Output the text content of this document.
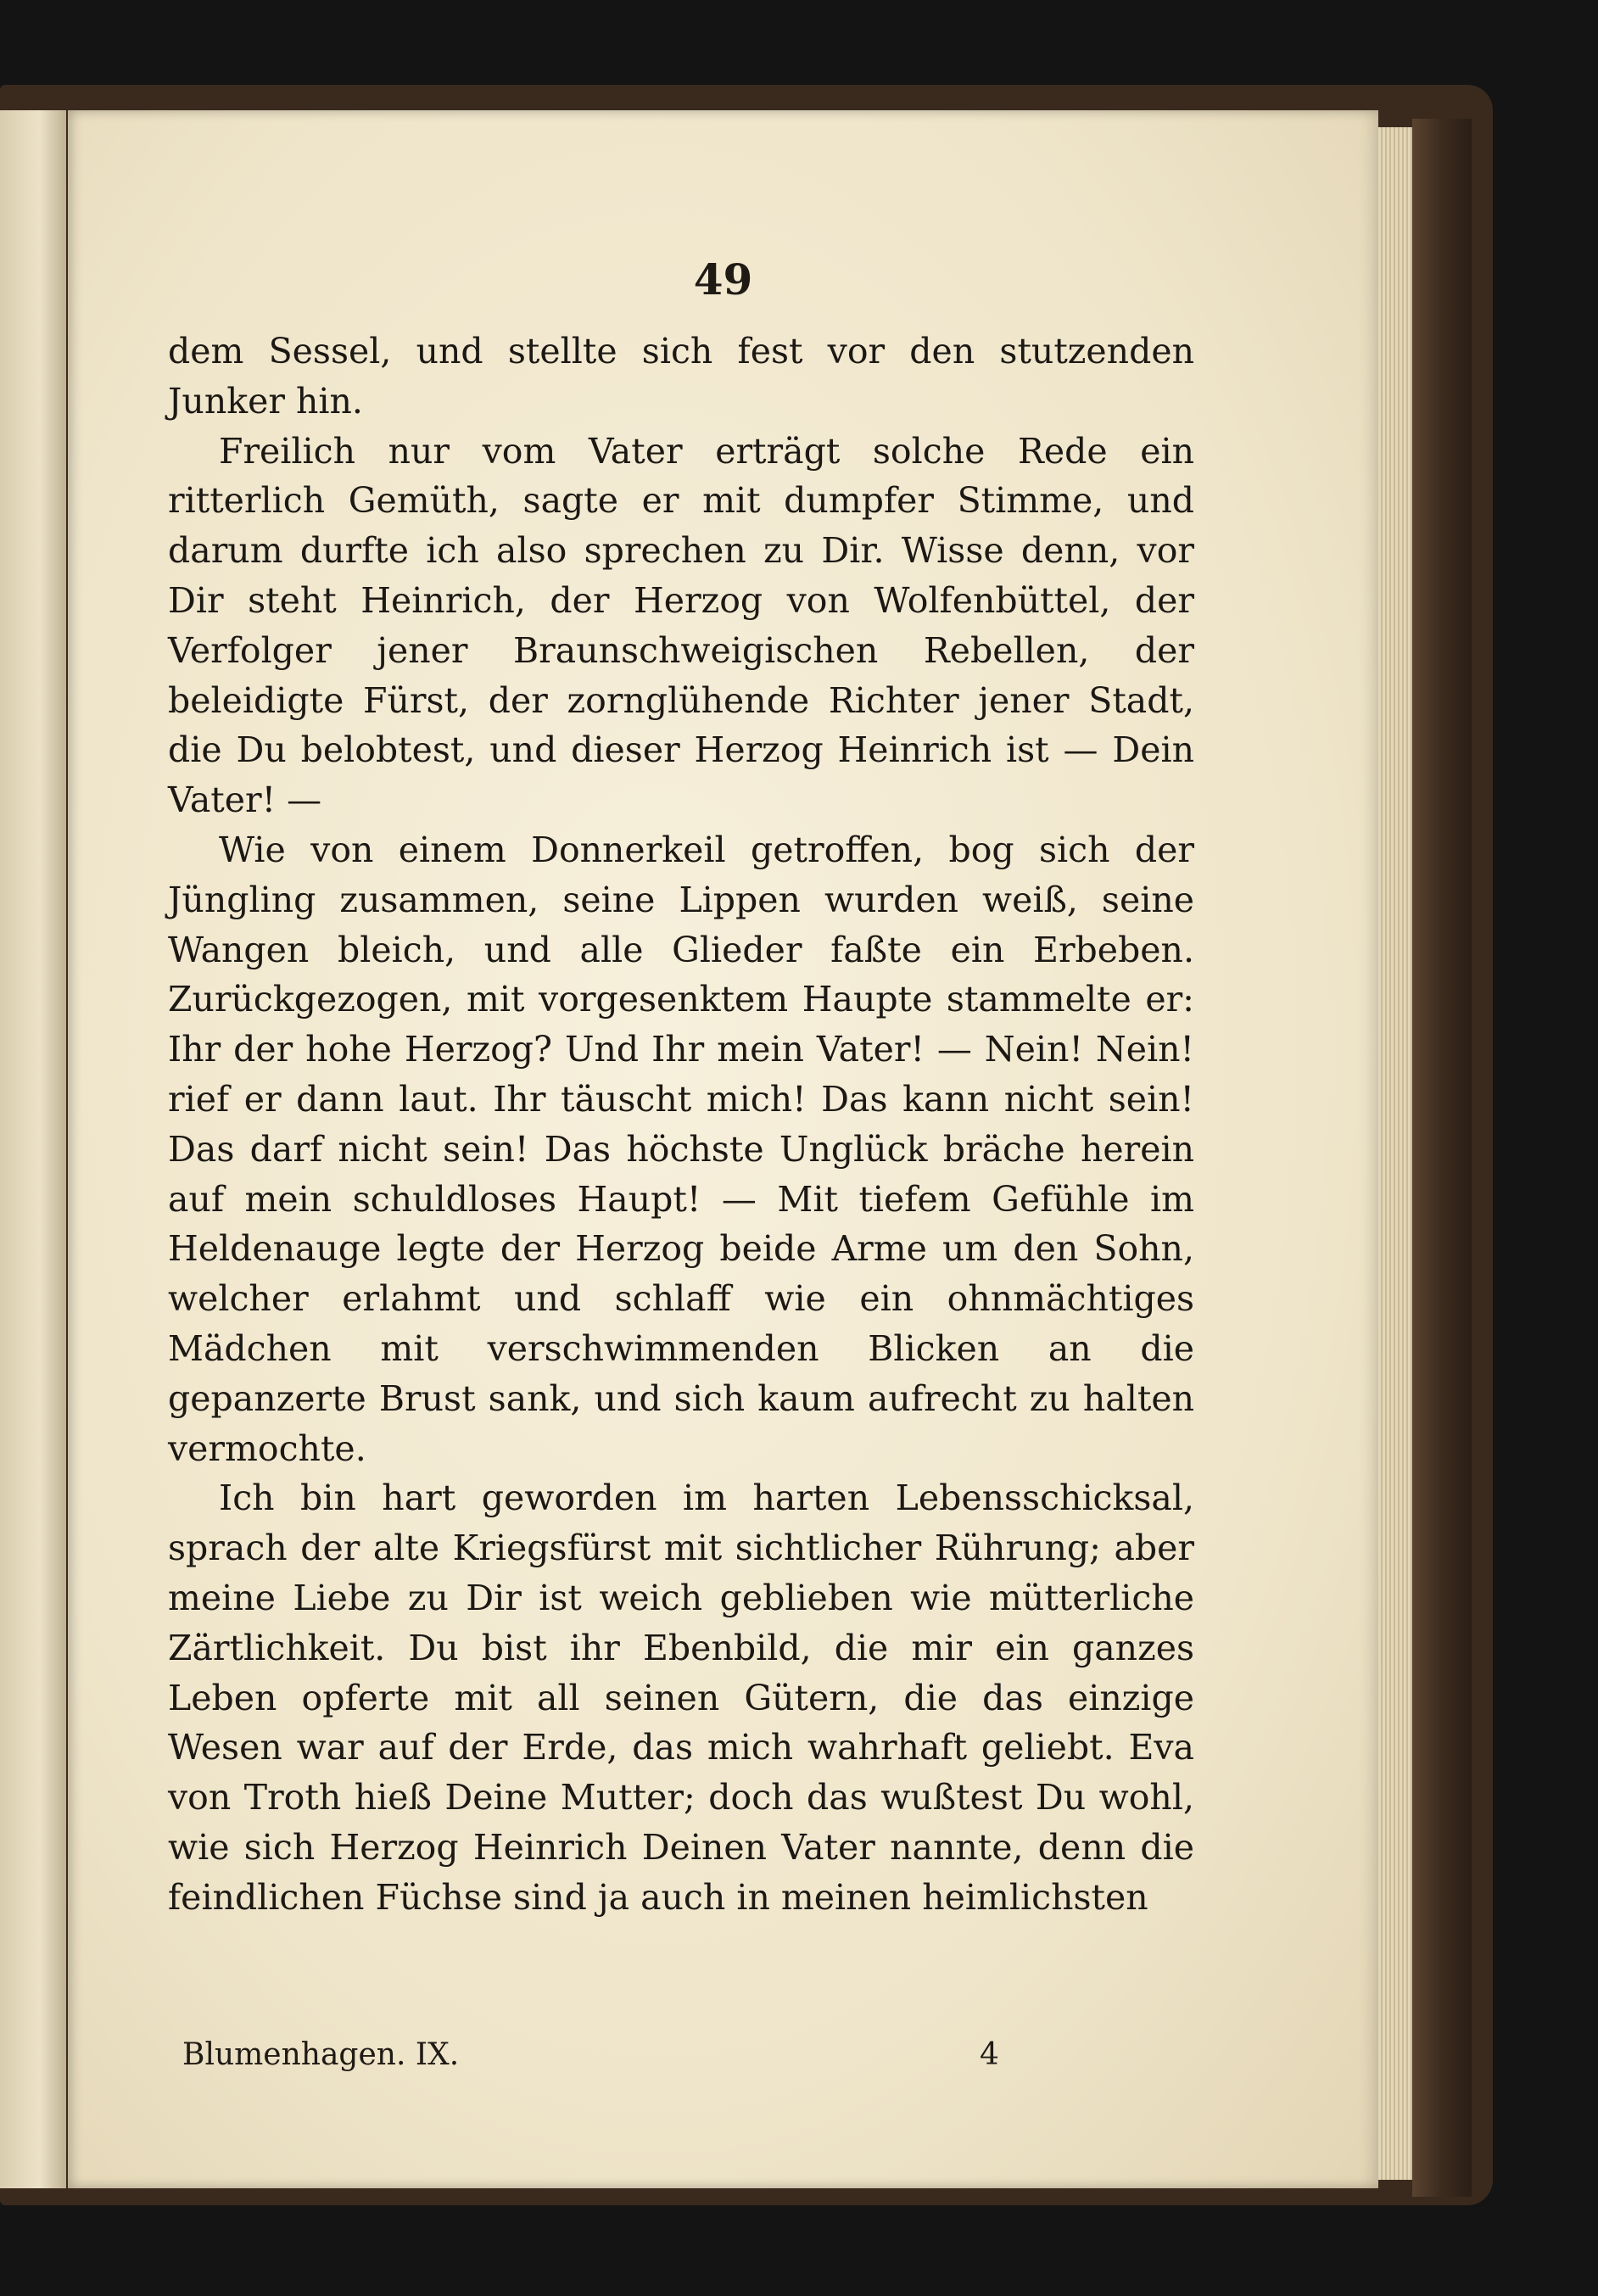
49

dem Sessel, und stellte sich fest vor den stutzenden Junker hin.

Freilich nur vom Vater erträgt solche Rede ein ritterlich Gemüth, sagte er mit dumpfer Stimme, und darum durfte ich also sprechen zu Dir. Wisse denn, vor Dir steht Heinrich, der Herzog von Wolfenbüttel, der Verfolger jener Braunschweigischen Rebellen, der beleidigte Fürst, der zornglühende Richter jener Stadt, die Du belobtest, und dieser Herzog Heinrich ist — Dein Vater! —

Wie von einem Donnerkeil getroffen, bog sich der Jüngling zusammen, seine Lippen wurden weiß, seine Wangen bleich, und alle Glieder faßte ein Erbeben. Zurückgezogen, mit vorgesenktem Haupte stammelte er: Ihr der hohe Herzog? Und Ihr mein Vater! — Nein! Nein! rief er dann laut. Ihr täuscht mich! Das kann nicht sein! Das darf nicht sein! Das höchste Unglück bräche herein auf mein schuldloses Haupt! — Mit tiefem Gefühle im Heldenauge legte der Herzog beide Arme um den Sohn, welcher erlahmt und schlaff wie ein ohnmächtiges Mädchen mit verschwimmenden Blicken an die gepanzerte Brust sank, und sich kaum aufrecht zu halten vermochte.

Ich bin hart geworden im harten Lebensschicksal, sprach der alte Kriegsfürst mit sichtlicher Rührung; aber meine Liebe zu Dir ist weich geblieben wie mütterliche Zärtlichkeit. Du bist ihr Ebenbild, die mir ein ganzes Leben opferte mit all seinen Gütern, die das einzige Wesen war auf der Erde, das mich wahrhaft geliebt. Eva von Troth hieß Deine Mutter; doch das wußtest Du wohl, wie sich Herzog Heinrich Deinen Vater nannte, denn die feindlichen Füchse sind ja auch in meinen heimlichsten

Blumenhagen. IX.	4
